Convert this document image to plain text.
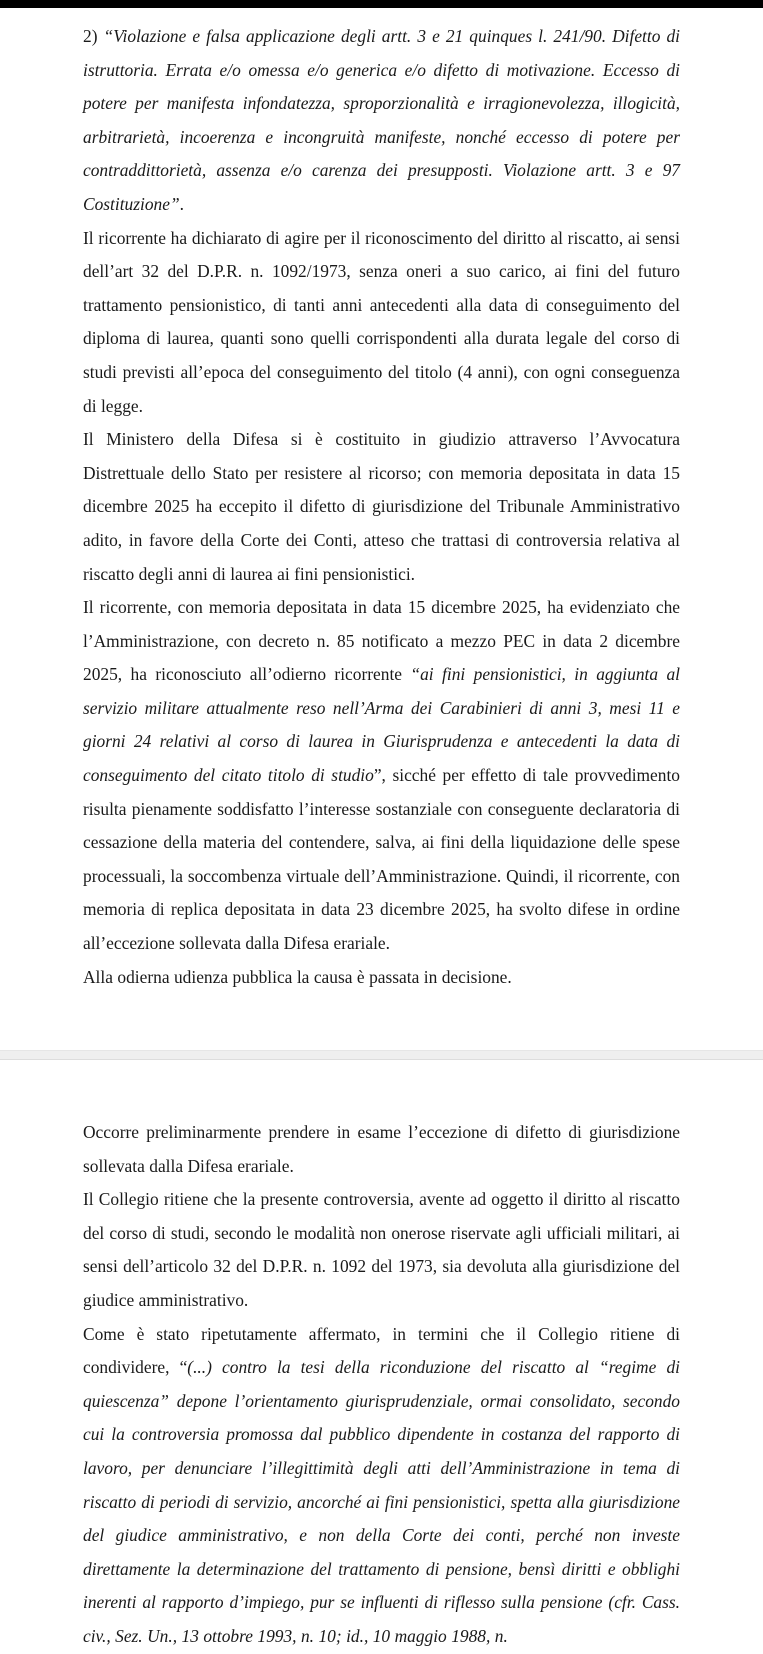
2) “Violazione e falsa applicazione degli artt. 3 e 21 quinques l. 241/90. Difetto di istruttoria. Errata e/o omessa e/o generica e/o difetto di motivazione. Eccesso di potere per manifesta infondatezza, sproporzionalità e irragionevolezza, illogicità, arbitrarietà, incoerenza e incongruità manifeste, nonché eccesso di potere per contraddittorietà, assenza e/o carenza dei presupposti. Violazione artt. 3 e 97 Costituzione”.

Il ricorrente ha dichiarato di agire per il riconoscimento del diritto al riscatto, ai sensi dell’art 32 del D.P.R. n. 1092/1973, senza oneri a suo carico, ai fini del futuro trattamento pensionistico, di tanti anni antecedenti alla data di conseguimento del diploma di laurea, quanti sono quelli corrispondenti alla durata legale del corso di studi previsti all’epoca del conseguimento del titolo (4 anni), con ogni conseguenza di legge.

Il Ministero della Difesa si è costituito in giudizio attraverso l’Avvocatura Distrettuale dello Stato per resistere al ricorso; con memoria depositata in data 15 dicembre 2025 ha eccepito il difetto di giurisdizione del Tribunale Amministrativo adito, in favore della Corte dei Conti, atteso che trattasi di controversia relativa al riscatto degli anni di laurea ai fini pensionistici.

Il ricorrente, con memoria depositata in data 15 dicembre 2025, ha evidenziato che l’Amministrazione, con decreto n. 85 notificato a mezzo PEC in data 2 dicembre 2025, ha riconosciuto all’odierno ricorrente “ai fini pensionistici, in aggiunta al servizio militare attualmente reso nell’Arma dei Carabinieri di anni 3, mesi 11 e giorni 24 relativi al corso di laurea in Giurisprudenza e antecedenti la data di conseguimento del citato titolo di studio”, sicché per effetto di tale provvedimento risulta pienamente soddisfatto l’interesse sostanziale con conseguente declaratoria di cessazione della materia del contendere, salva, ai fini della liquidazione delle spese processuali, la soccombenza virtuale dell’Amministrazione. Quindi, il ricorrente, con memoria di replica depositata in data 23 dicembre 2025, ha svolto difese in ordine all’eccezione sollevata dalla Difesa erariale.

Alla odierna udienza pubblica la causa è passata in decisione.

Occorre preliminarmente prendere in esame l’eccezione di difetto di giurisdizione sollevata dalla Difesa erariale.

Il Collegio ritiene che la presente controversia, avente ad oggetto il diritto al riscatto del corso di studi, secondo le modalità non onerose riservate agli ufficiali militari, ai sensi dell’articolo 32 del D.P.R. n. 1092 del 1973, sia devoluta alla giurisdizione del giudice amministrativo.

Come è stato ripetutamente affermato, in termini che il Collegio ritiene di condividere, “(...) contro la tesi della riconduzione del riscatto al “regime di quiescenza” depone l’orientamento giurisprudenziale, ormai consolidato, secondo cui la controversia promossa dal pubblico dipendente in costanza del rapporto di lavoro, per denunciare l’illegittimità degli atti dell’Amministrazione in tema di riscatto di periodi di servizio, ancorché ai fini pensionistici, spetta alla giurisdizione del giudice amministrativo, e non della Corte dei conti, perché non investe direttamente la determinazione del trattamento di pensione, bensì diritti e obblighi inerenti al rapporto d’impiego, pur se influenti di riflesso sulla pensione (cfr. Cass. civ., Sez. Un., 13 ottobre 1993, n. 10; id., 10 maggio 1988, n.
